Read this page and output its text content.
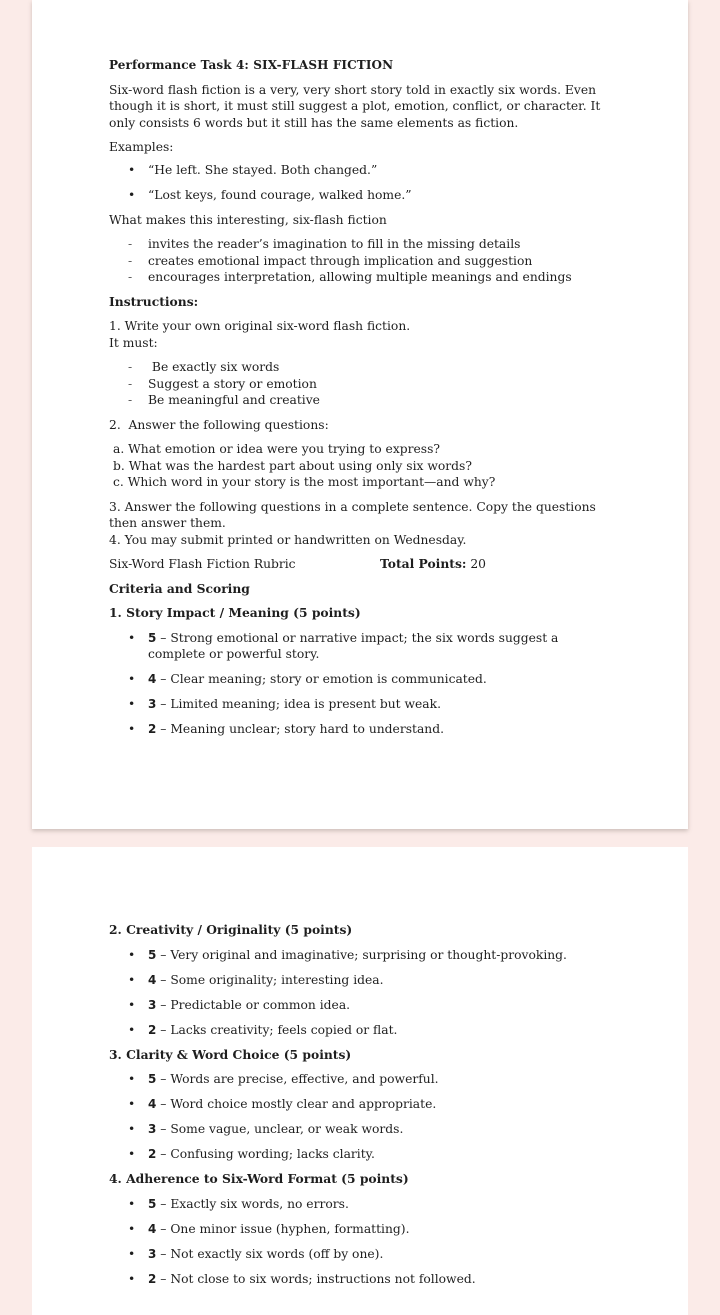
Performance Task 4: SIX-FLASH FICTION

Six-word flash fiction is a very, very short story told in exactly six words. Even though it is short, it must still suggest a plot, emotion, conflict, or character. It only consists 6 words but it still has the same elements as fiction.

Examples:

• “He left. She stayed. Both changed.”
• “Lost keys, found courage, walked home.”

What makes this interesting, six-flash fiction

- invites the reader’s imagination to fill in the missing details
- creates emotional impact through implication and suggestion
- encourages interpretation, allowing multiple meanings and endings

Instructions:

1. Write your own original six-word flash fiction.

It must:

- Be exactly six words
- Suggest a story or emotion
- Be meaningful and creative

2.  Answer the following questions:

a. What emotion or idea were you trying to express?
b. What was the hardest part about using only six words?
c. Which word in your story is the most important—and why?

3. Answer the following questions in a complete sentence. Copy the questions then answer them.

4. You may submit printed or handwritten on Wednesday.

Six-Word Flash Fiction Rubric	Total Points: 20

Criteria and Scoring

1. Story Impact / Meaning (5 points)

• 5 – Strong emotional or narrative impact; the six words suggest a complete or powerful story.
• 4 – Clear meaning; story or emotion is communicated.
• 3 – Limited meaning; idea is present but weak.
• 2 – Meaning unclear; story hard to understand.

2. Creativity / Originality (5 points)

• 5 – Very original and imaginative; surprising or thought-provoking.
• 4 – Some originality; interesting idea.
• 3 – Predictable or common idea.
• 2 – Lacks creativity; feels copied or flat.

3. Clarity & Word Choice (5 points)

• 5 – Words are precise, effective, and powerful.
• 4 – Word choice mostly clear and appropriate.
• 3 – Some vague, unclear, or weak words.
• 2 – Confusing wording; lacks clarity.

4. Adherence to Six-Word Format (5 points)

• 5 – Exactly six words, no errors.
• 4 – One minor issue (hyphen, formatting).
• 3 – Not exactly six words (off by one).
• 2 – Not close to six words; instructions not followed.
